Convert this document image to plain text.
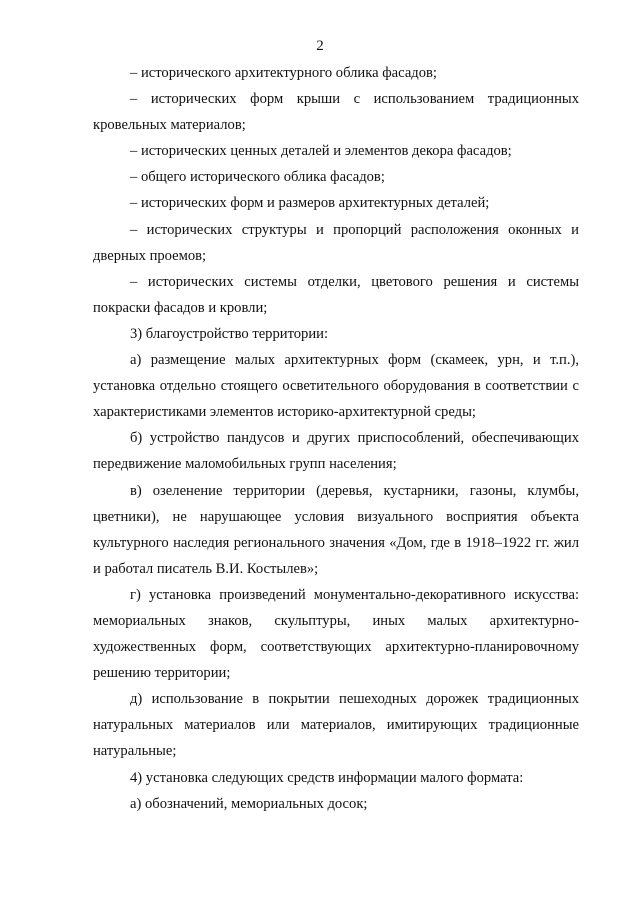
2

– исторического архитектурного облика фасадов;

– исторических форм крыши с использованием традиционных кровельных материалов;

– исторических ценных деталей и элементов декора фасадов;

– общего исторического облика фасадов;

– исторических форм и размеров архитектурных деталей;

– исторических структуры и пропорций расположения оконных и дверных проемов;

– исторических системы отделки, цветового решения и системы покраски фасадов и кровли;

3) благоустройство территории:

а) размещение малых архитектурных форм (скамеек, урн, и т.п.), установка отдельно стоящего осветительного оборудования в соответствии с характеристиками элементов историко-архитектурной среды;

б) устройство пандусов и других приспособлений, обеспечивающих передвижение маломобильных групп населения;

в) озеленение территории (деревья, кустарники, газоны, клумбы, цветники), не нарушающее условия визуального восприятия объекта культурного наследия регионального значения «Дом, где в 1918–1922 гг. жил и работал писатель В.И. Костылев»;

г) установка произведений монументально-декоративного искусства: мемориальных знаков, скульптуры, иных малых архитектурно-художественных форм, соответствующих архитектурно-планировочному решению территории;

д) использование в покрытии пешеходных дорожек традиционных натуральных материалов или материалов, имитирующих традиционные натуральные;

4) установка следующих средств информации малого формата:

а) обозначений, мемориальных досок;
